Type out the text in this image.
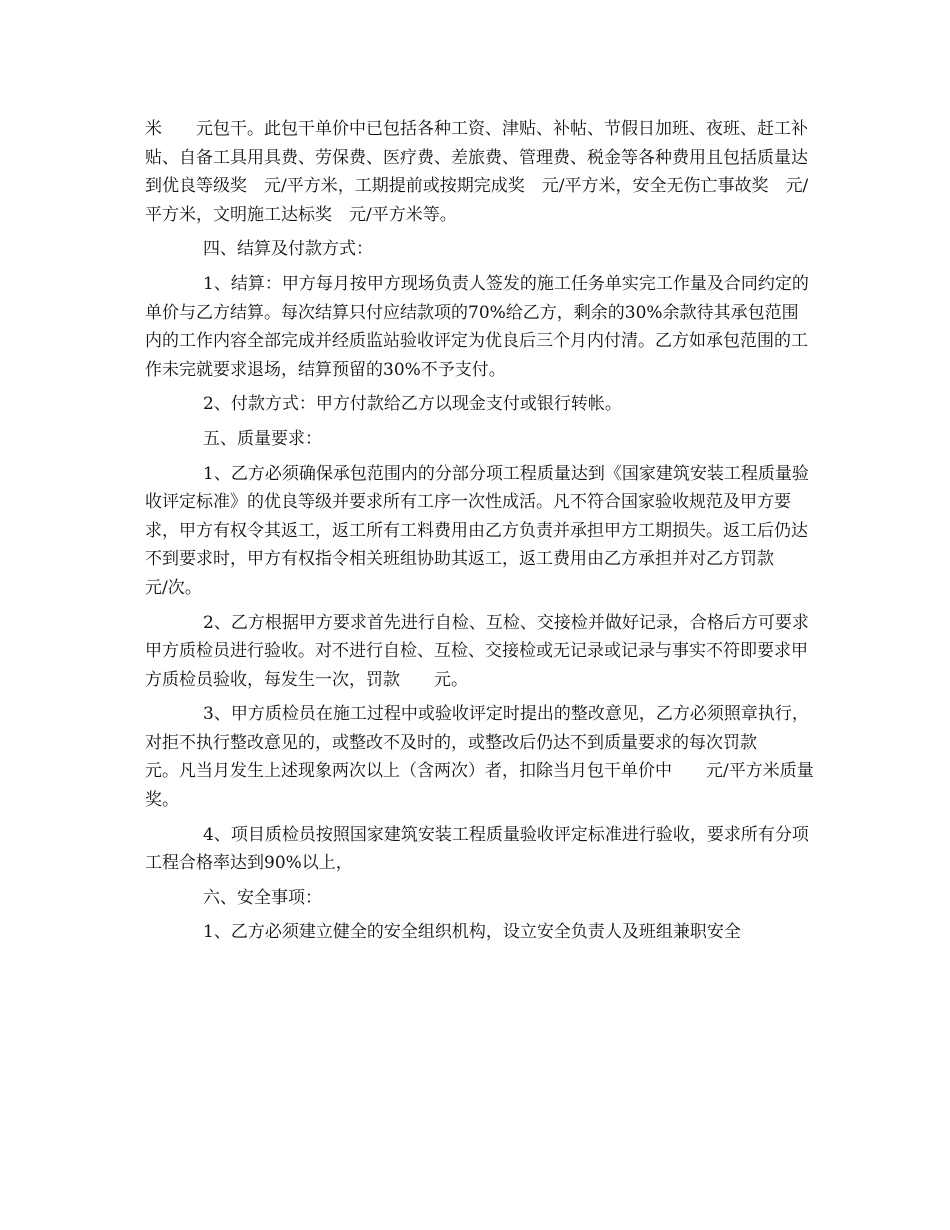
米　　元包干。此包干单价中已包括各种工资、津贴、补帖、节假日加班、夜班、赶工补贴、自备工具用具费、劳保费、医疗费、差旅费、管理费、税金等各种费用且包括质量达到优良等级奖　元/平方米，工期提前或按期完成奖　元/平方米，安全无伤亡事故奖　元/平方米，文明施工达标奖　元/平方米等。

四、结算及付款方式：

1、结算：甲方每月按甲方现场负责人签发的施工任务单实完工作量及合同约定的单价与乙方结算。每次结算只付应结款项的70%给乙方，剩余的30%余款待其承包范围内的工作内容全部完成并经质监站验收评定为优良后三个月内付清。乙方如承包范围的工作未完就要求退场，结算预留的30%不予支付。

2、付款方式：甲方付款给乙方以现金支付或银行转帐。

五、质量要求：

1、乙方必须确保承包范围内的分部分项工程质量达到《国家建筑安装工程质量验收评定标准》的优良等级并要求所有工序一次性成活。凡不符合国家验收规范及甲方要求，甲方有权令其返工，返工所有工料费用由乙方负责并承担甲方工期损失。返工后仍达不到要求时，甲方有权指令相关班组协助其返工，返工费用由乙方承担并对乙方罚款　　元/次。

2、乙方根据甲方要求首先进行自检、互检、交接检并做好记录，合格后方可要求甲方质检员进行验收。对不进行自检、互检、交接检或无记录或记录与事实不符即要求甲方质检员验收，每发生一次，罚款　　元。

3、甲方质检员在施工过程中或验收评定时提出的整改意见，乙方必须照章执行，对拒不执行整改意见的，或整改不及时的，或整改后仍达不到质量要求的每次罚款　　元。凡当月发生上述现象两次以上（含两次）者，扣除当月包干单价中　　元/平方米质量奖。

4、项目质检员按照国家建筑安装工程质量验收评定标准进行验收，要求所有分项工程合格率达到90%以上，

六、安全事项：

1、乙方必须建立健全的安全组织机构，设立安全负责人及班组兼职安全
